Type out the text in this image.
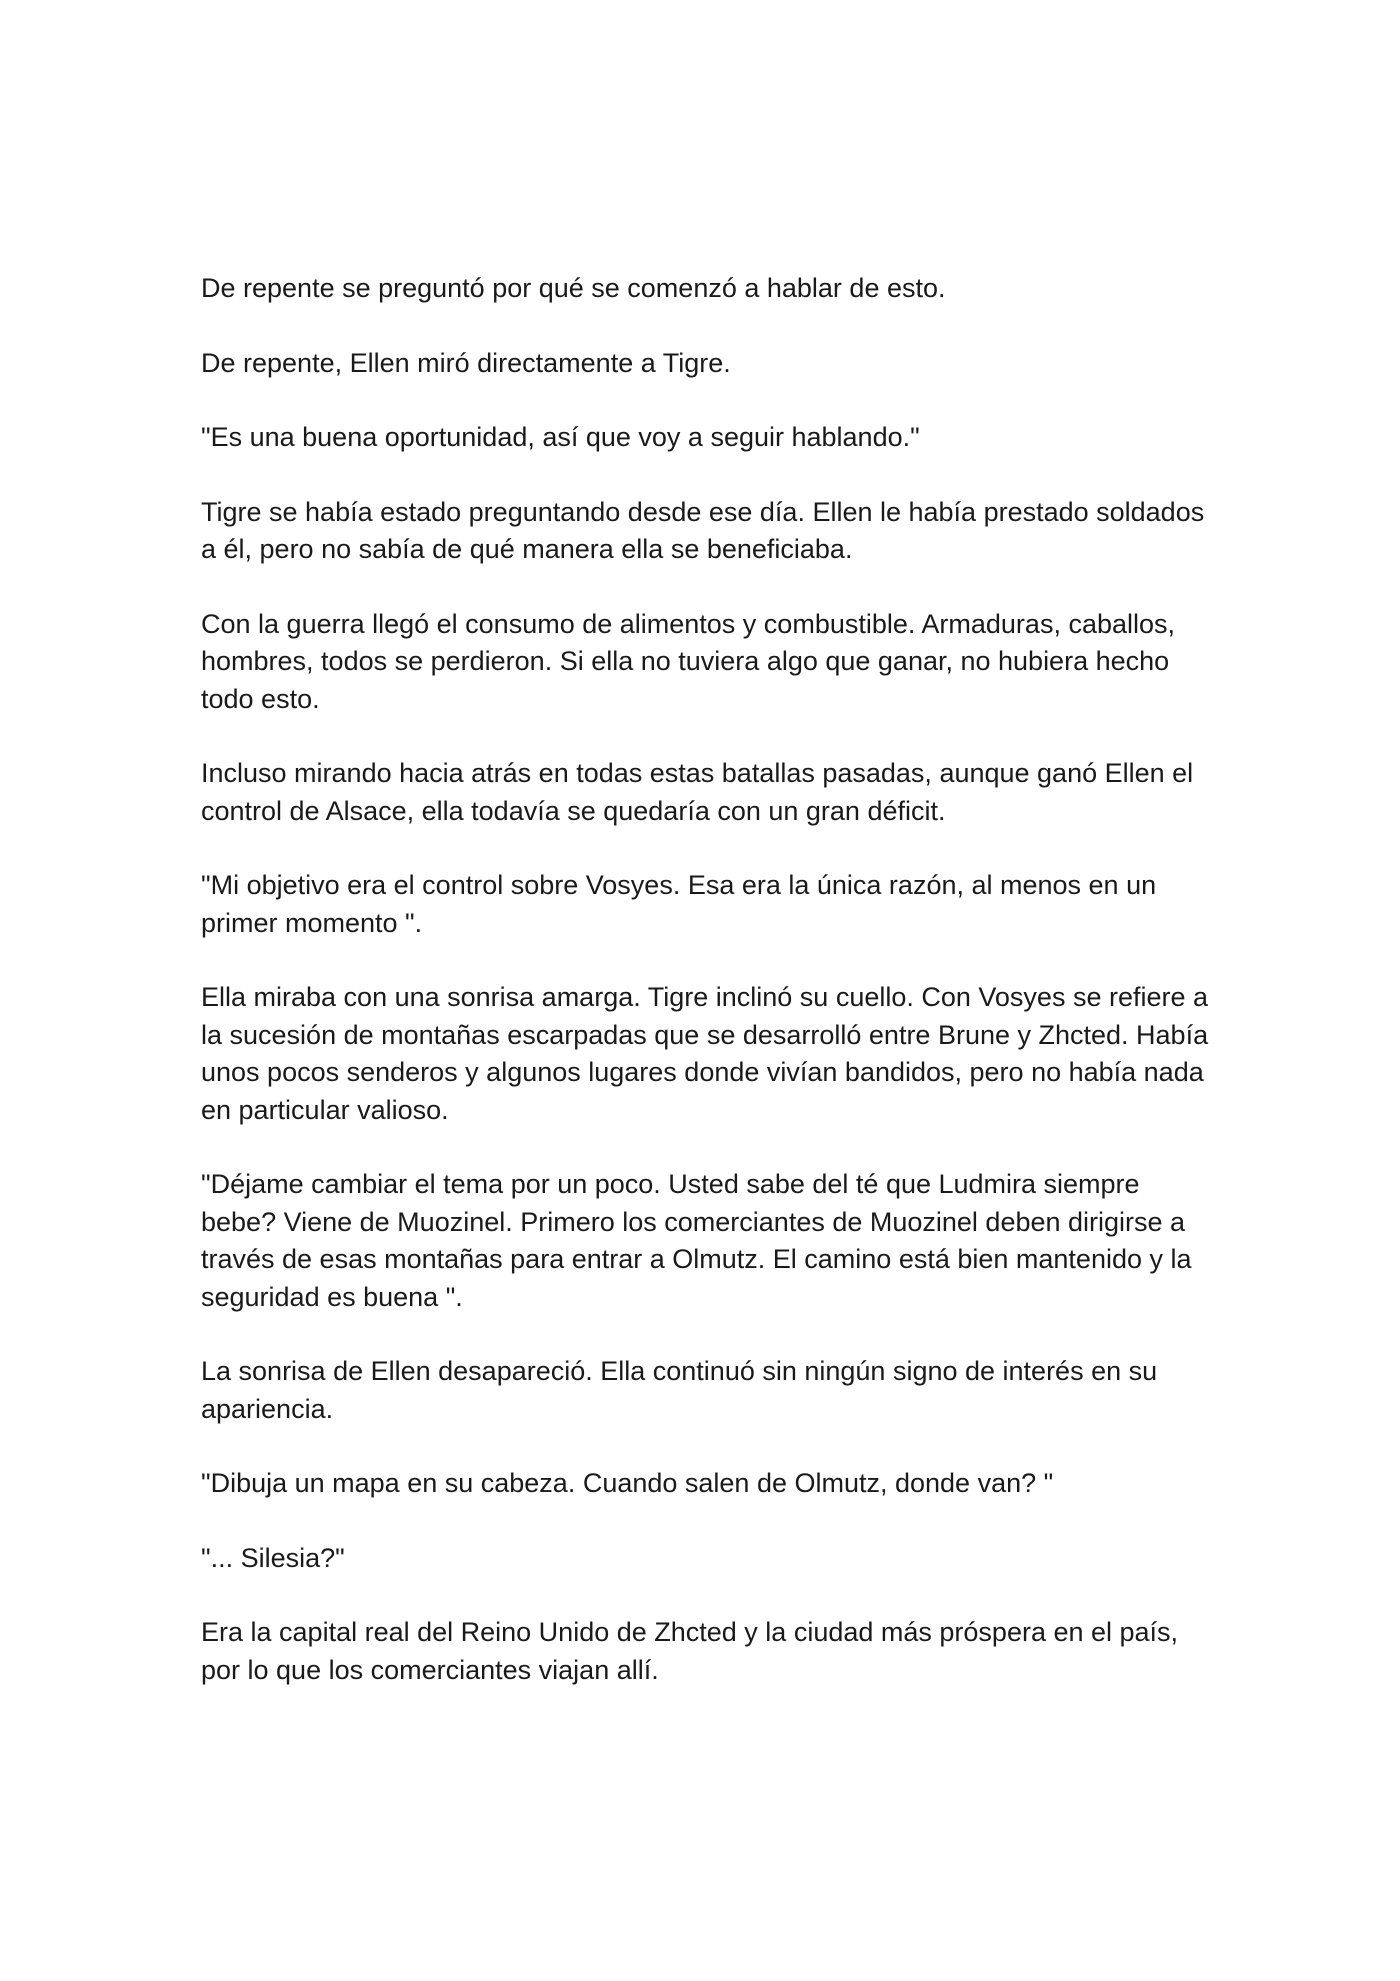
De repente se preguntó por qué se comenzó a hablar de esto.

De repente, Ellen miró directamente a Tigre.

"Es una buena oportunidad, así que voy a seguir hablando."

Tigre se había estado preguntando desde ese día. Ellen le había prestado soldados a él, pero no sabía de qué manera ella se beneficiaba.

Con la guerra llegó el consumo de alimentos y combustible. Armaduras, caballos, hombres, todos se perdieron. Si ella no tuviera algo que ganar, no hubiera hecho todo esto.

Incluso mirando hacia atrás en todas estas batallas pasadas, aunque ganó Ellen el control de Alsace, ella todavía se quedaría con un gran déficit.

"Mi objetivo era el control sobre Vosyes. Esa era la única razón, al menos en un primer momento ".

Ella miraba con una sonrisa amarga. Tigre inclinó su cuello. Con Vosyes se refiere a la sucesión de montañas escarpadas que se desarrolló entre Brune y Zhcted. Había unos pocos senderos y algunos lugares donde vivían bandidos, pero no había nada en particular valioso.

"Déjame cambiar el tema por un poco. Usted sabe del té que Ludmira siempre bebe? Viene de Muozinel. Primero los comerciantes de Muozinel deben dirigirse a través de esas montañas para entrar a Olmutz. El camino está bien mantenido y la seguridad es buena ".

La sonrisa de Ellen desapareció. Ella continuó sin ningún signo de interés en su apariencia.

"Dibuja un mapa en su cabeza. Cuando salen de Olmutz, donde van? "

"... Silesia?"

Era la capital real del Reino Unido de Zhcted y la ciudad más próspera en el país, por lo que los comerciantes viajan allí.
